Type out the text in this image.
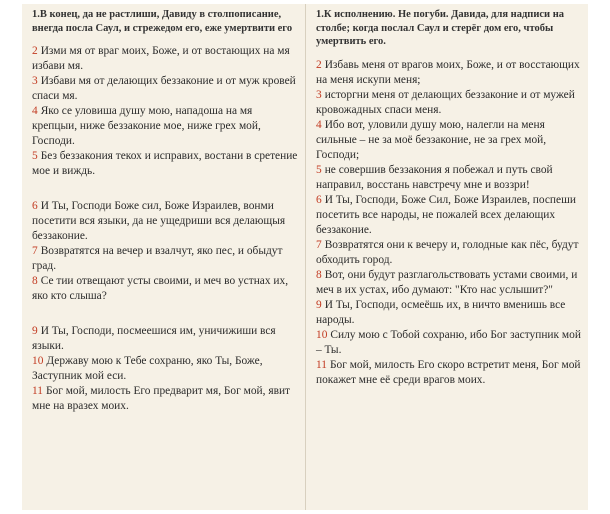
1.В конец, да не растлиши, Давиду в столпописание, внегда посла Саул, и стрежедом его, еже умертвити его

2 Изми мя от враг моих, Боже, и от востающих на мя избави мя.

3 Избави мя от делающих беззаконие и от муж кровей спаси мя.

4 Яко се уловиша душу мою, нападоша на мя крепцыи, ниже беззаконие мое, ниже грех мой, Господи.

5 Без беззакония текох и исправих, востани в сретение мое и виждь.

6 И Ты, Господи Боже сил, Боже Израилев, вонми посетити вся языки, да не ущедриши вся делающыя беззаконие.

7 Возвратятся на вечер и взалчут, яко пес, и обыдут град.

8 Се тии отвещают усты своими, и меч во устнах их, яко кто слыша?

9 И Ты, Господи, посмеешися им, уничижиши вся языки.

10 Державу мою к Тебе сохраню, яко Ты, Боже, Заступник мой еси.

11 Бог мой, милость Его предварит мя, Бог мой, явит мне на вразех моих.

1.К исполнению. Не погуби. Давида, для надписи на столбе; когда послал Саул и стерёг дом его, чтобы умертвить его.

2 Избавь меня от врагов моих, Боже, и от восстающих на меня искупи меня;

3 исторгни меня от делающих беззаконие и от мужей кровожадных спаси меня.

4 Ибо вот, уловили душу мою, налегли на меня сильные – не за моё беззаконие, не за грех мой, Господи;

5 не совершив беззакония я побежал и путь свой направил, восстань навстречу мне и воззри!

6 И Ты, Господи, Боже Сил, Боже Израилев, поспеши посетить все народы, не пожалей всех делающих беззаконие.

7 Возвратятся они к вечеру и, голодные как пёс, будут обходить город.

8 Вот, они будут разглагольствовать устами своими, и меч в их устах, ибо думают: "Кто нас услышит?"

9 И Ты, Господи, осмеёшь их, в ничто вменишь все народы.

10 Силу мою с Тобой сохраню, ибо Бог заступник мой – Ты.

11 Бог мой, милость Его скоро встретит меня, Бог мой покажет мне её среди врагов моих.
